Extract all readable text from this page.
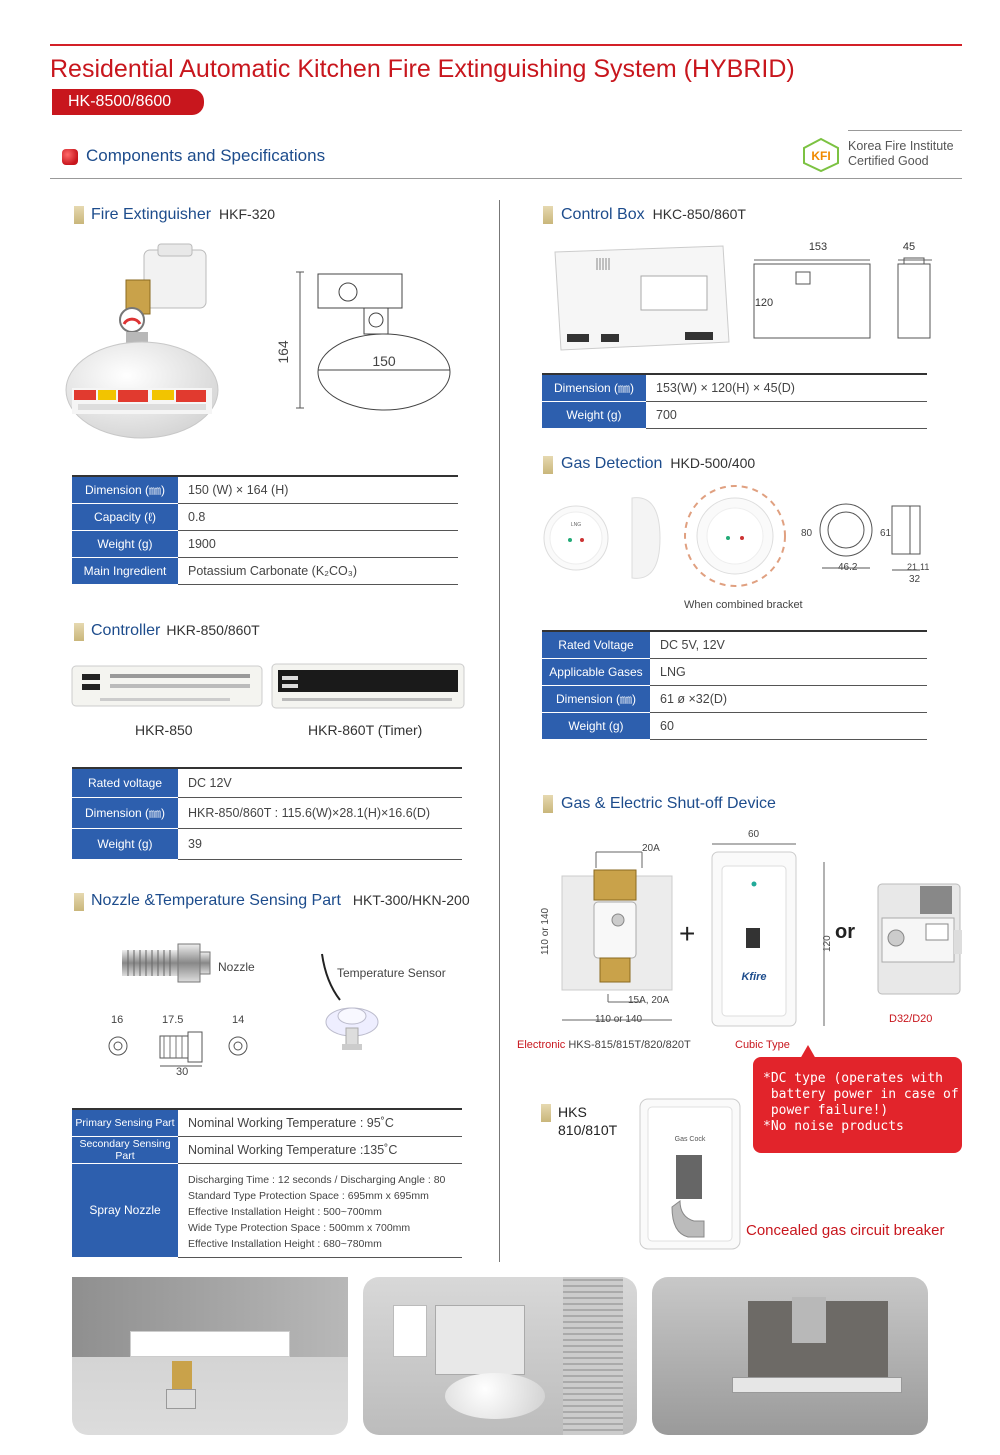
Residential Automatic Kitchen Fire Extinguishing System (HYBRID)
HK-8500/8600
Components and Specifications	KFI
Korea Fire Institute
Certified Good
Fire Extinguisher HKF-320
164	150
Dimension (㎜)	150 (W) × 164 (H)
Capacity (ℓ)	0.8
Weight (g)	1900
Main Ingredient	Potassium Carbonate (K₂CO₃)
Controller HKR-850/860T
HKR-850	HKR-860T (Timer)
Rated voltage	DC 12V
Dimension (㎜)	HKR-850/860T : 115.6(W)×28.1(H)×16.6(D)
Weight (g)	39
Nozzle &Temperature Sensing Part HKT-300/HKN-200
Nozzle	Temperature Sensor
16	17.5	14
30
Primary Sensing Part	Nominal Working Temperature : 95˚C
Secondary Sensing Part	Nominal Working Temperature :135˚C
Spray Nozzle	Discharging Time : 12 seconds / Discharging Angle : 80
Standard Type Protection Space : 695mm x 695mm
Effective Installation Height : 500~700mm
Wide Type Protection Space : 500mm x 700mm
Effective Installation Height : 680~780mm
Control Box HKC-850/860T
153	45
120
Dimension (㎜)	153(W) × 120(H) × 45(D)
Weight (g)	700
Gas Detection HKD-500/400
LNG
80	61
46.2	21 11
32
When combined bracket
Rated Voltage	DC 5V, 12V
Applicable Gases	LNG
Dimension (㎜)	61 ø ×32(D)
Weight (g)	60
Gas & Electric Shut-off Device
20A
110 or 140
15A, 20A
110 or 140
+
60
120
Kfire
or
D32/D20
Electronic HKS-815/815T/820/820T	Cubic Type
*DC type (operates with
battery power in case of
power failure!)
*No noise products
HKS
810/810T
Gas Cock
Concealed gas circuit breaker
